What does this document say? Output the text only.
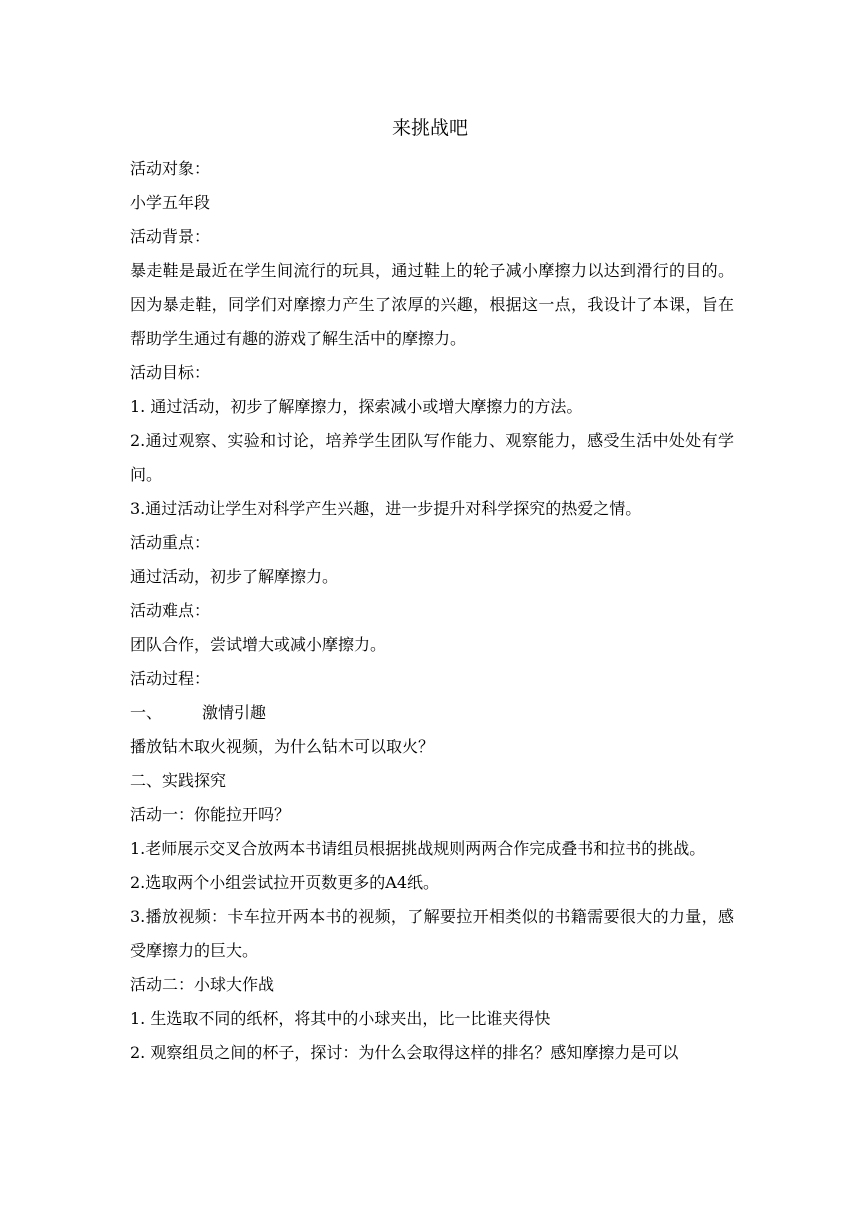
来挑战吧
活动对象：
小学五年段
活动背景：
暴走鞋是最近在学生间流行的玩具，通过鞋上的轮子减小摩擦力以达到滑行的目的。因为暴走鞋，同学们对摩擦力产生了浓厚的兴趣，根据这一点，我设计了本课，旨在帮助学生通过有趣的游戏了解生活中的摩擦力。
活动目标：
1. 通过活动，初步了解摩擦力，探索减小或增大摩擦力的方法。
2.通过观察、实验和讨论，培养学生团队写作能力、观察能力，感受生活中处处有学问。
3.通过活动让学生对科学产生兴趣，进一步提升对科学探究的热爱之情。
活动重点：
通过活动，初步了解摩擦力。
活动难点：
团队合作，尝试增大或减小摩擦力。
活动过程：
一、	激情引趣
播放钻木取火视频，为什么钻木可以取火？
二、实践探究
活动一：你能拉开吗？
1.老师展示交叉合放两本书请组员根据挑战规则两两合作完成叠书和拉书的挑战。
2.选取两个小组尝试拉开页数更多的A4纸。
3.播放视频：卡车拉开两本书的视频，了解要拉开相类似的书籍需要很大的力量，感受摩擦力的巨大。
活动二：小球大作战
1. 生选取不同的纸杯，将其中的小球夹出，比一比谁夹得快
2. 观察组员之间的杯子，探讨：为什么会取得这样的排名？感知摩擦力是可以
